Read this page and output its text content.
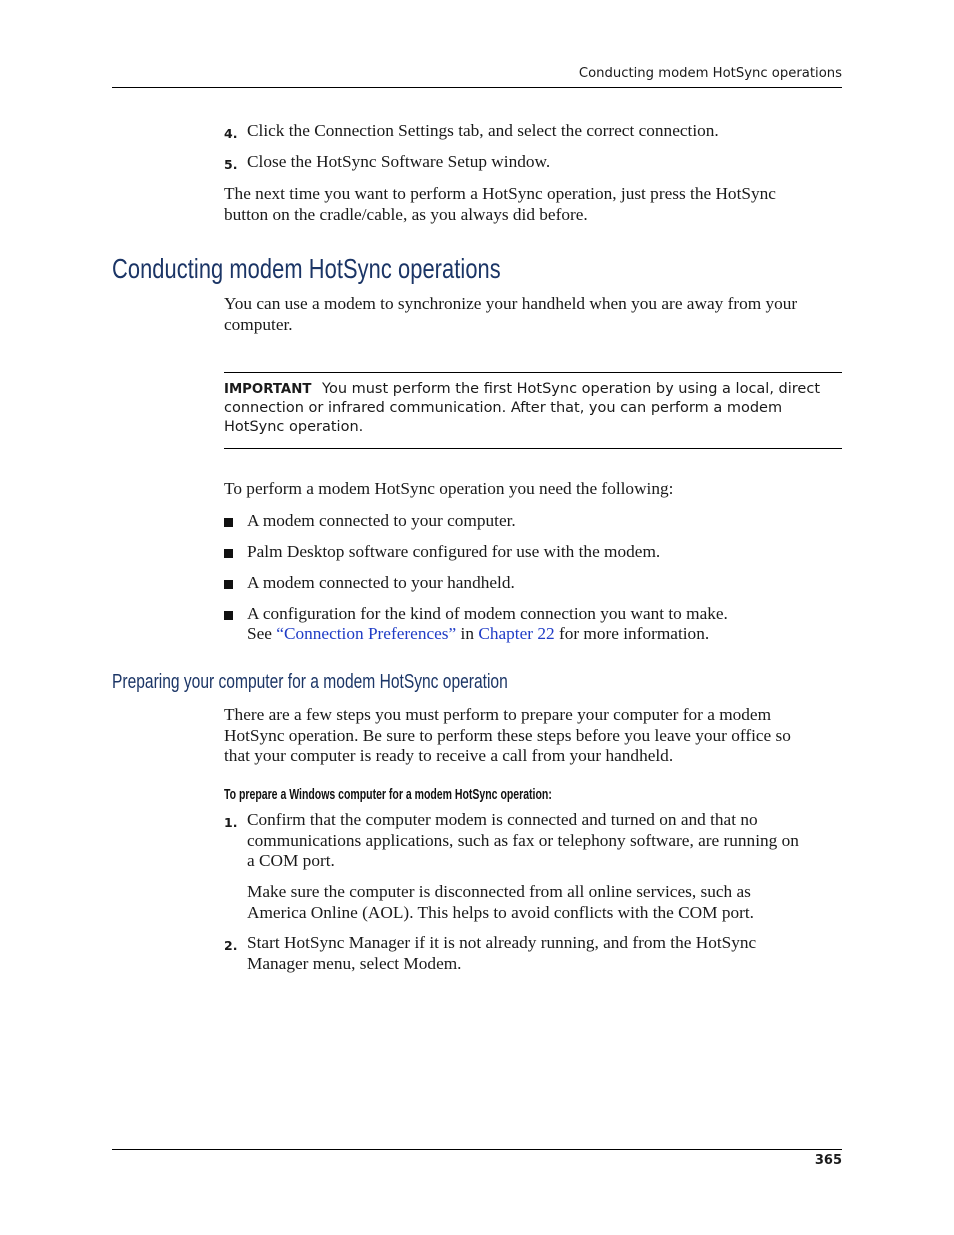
Conducting modem HotSync operations
4. Click the Connection Settings tab, and select the correct connection.
5. Close the HotSync Software Setup window.
The next time you want to perform a HotSync operation, just press the HotSync
button on the cradle/cable, as you always did before.
Conducting modem HotSync operations
You can use a modem to synchronize your handheld when you are away from your
computer.
IMPORTANT You must perform the first HotSync operation by using a local, direct
connection or infrared communication. After that, you can perform a modem
HotSync operation.
To perform a modem HotSync operation you need the following:
A modem connected to your computer.
Palm Desktop software configured for use with the modem.
A modem connected to your handheld.
A configuration for the kind of modem connection you want to make.
See “Connection Preferences” in Chapter 22 for more information.
Preparing your computer for a modem HotSync operation
There are a few steps you must perform to prepare your computer for a modem
HotSync operation. Be sure to perform these steps before you leave your office so
that your computer is ready to receive a call from your handheld.
To prepare a Windows computer for a modem HotSync operation:
1. Confirm that the computer modem is connected and turned on and that no
communications applications, such as fax or telephony software, are running on
a COM port.
Make sure the computer is disconnected from all online services, such as
America Online (AOL). This helps to avoid conflicts with the COM port.
2. Start HotSync Manager if it is not already running, and from the HotSync
Manager menu, select Modem.
365
